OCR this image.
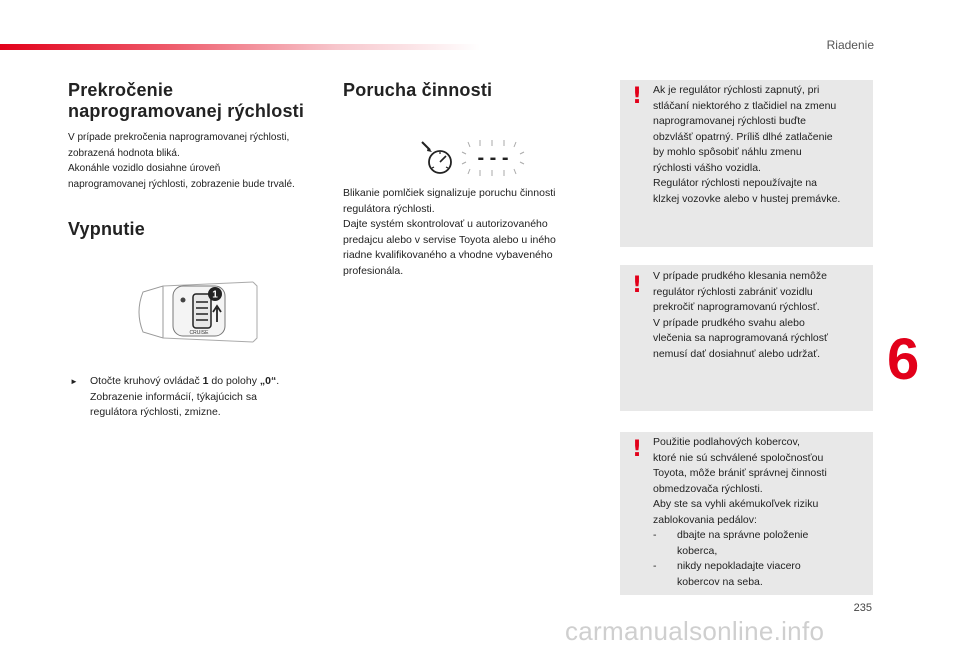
Riadenie
Prekročenie
naprogramovanej rýchlosti

V prípade prekročenia naprogramovanej rýchlosti,

zobrazená hodnota bliká.

Akonáhle vozidlo dosiahne úroveň

naprogramovanej rýchlosti, zobrazenie bude trvalé.

Vypnutie
1
CRUISE
►	Otočte kruhový ovládač 1 do polohy „0“.

Zobrazenie informácií, týkajúcich sa

regulátora rýchlosti, zmizne.

Porucha činnosti
- - -

Blikanie pomlčiek signalizuje poruchu činnosti

regulátora rýchlosti.

Dajte systém skontrolovať u autorizovaného

predajcu alebo v servise Toyota alebo u iného

riadne kvalifikovaného a vhodne vybaveného

profesionála.

! Ak je regulátor rýchlosti zapnutý, pri

stláčaní niektorého z tlačidiel na zmenu

naprogramovanej rýchlosti buďte

obzvlášť opatrný. Príliš dlhé zatlačenie

by mohlo spôsobiť náhlu zmenu

rýchlosti vášho vozidla.

Regulátor rýchlosti nepoužívajte na

klzkej vozovke alebo v hustej premávke.

! V prípade prudkého klesania nemôže

regulátor rýchlosti zabrániť vozidlu

prekročiť naprogramovanú rýchlosť.

V prípade prudkého svahu alebo

vlečenia sa naprogramovaná rýchlosť

nemusí dať dosiahnuť alebo udržať.

! Použitie podlahových kobercov,

ktoré nie sú schválené spoločnosťou

Toyota, môže brániť správnej činnosti

obmedzovača rýchlosti.

Aby ste sa vyhli akémukoľvek riziku

zablokovania pedálov:

-	dbajte na správne položenie

koberca,

-	nikdy nepokladajte viacero

kobercov na seba.

6
235
carmanualsonline.info
